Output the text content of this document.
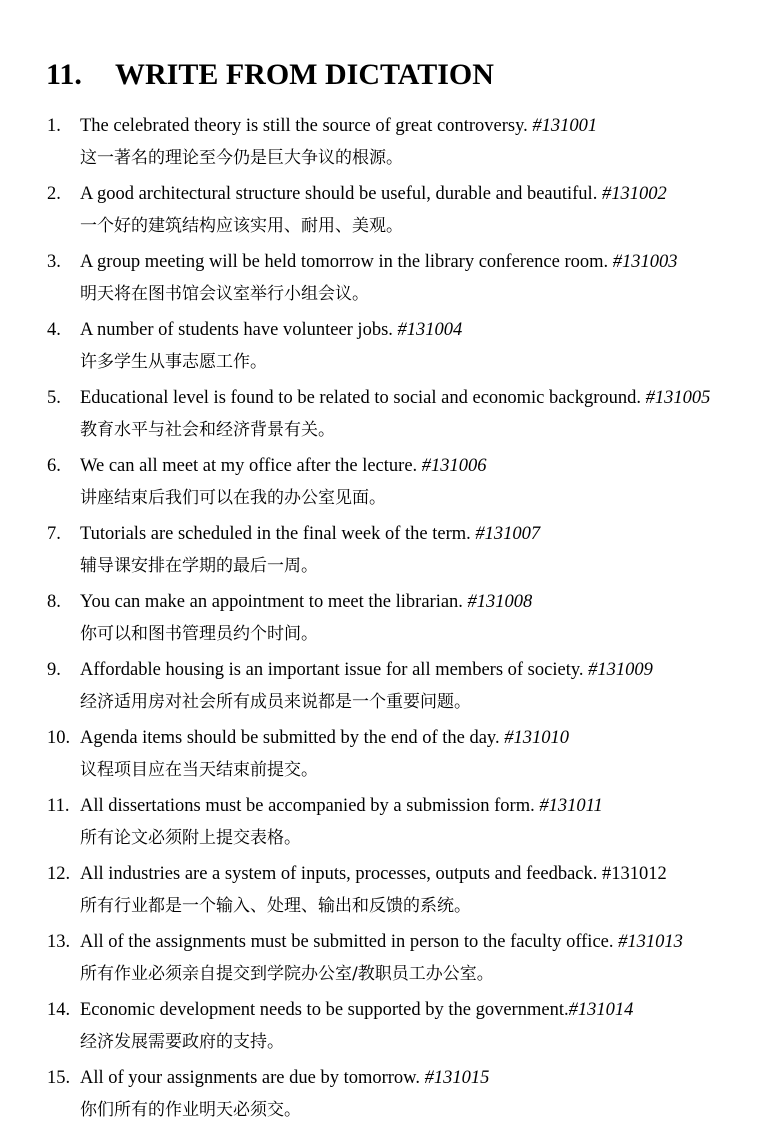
11. WRITE FROM DICTATION
1.	The celebrated theory is still the source of great controversy. #131001
这一著名的理论至今仍是巨大争议的根源。
2.	A good architectural structure should be useful, durable and beautiful. #131002
一个好的建筑结构应该实用、耐用、美观。
3.	A group meeting will be held tomorrow in the library conference room. #131003
明天将在图书馆会议室举行小组会议。
4.	A number of students have volunteer jobs. #131004
许多学生从事志愿工作。
5.	Educational level is found to be related to social and economic background. #131005
教育水平与社会和经济背景有关。
6.	We can all meet at my office after the lecture. #131006
讲座结束后我们可以在我的办公室见面。
7.	Tutorials are scheduled in the final week of the term. #131007
辅导课安排在学期的最后一周。
8.	You can make an appointment to meet the librarian. #131008
你可以和图书管理员约个时间。
9.	Affordable housing is an important issue for all members of society. #131009
经济适用房对社会所有成员来说都是一个重要问题。
10. Agenda items should be submitted by the end of the day. #131010
议程项目应在当天结束前提交。
11. All dissertations must be accompanied by a submission form. #131011
所有论文必须附上提交表格。
12. All industries are a system of inputs, processes, outputs and feedback. #131012
所有行业都是一个输入、处理、输出和反馈的系统。
13. All of the assignments must be submitted in person to the faculty office. #131013
所有作业必须亲自提交到学院办公室/教职员工办公室。
14. Economic development needs to be supported by the government.#131014
经济发展需要政府的支持。
15. All of your assignments are due by tomorrow. #131015
你们所有的作业明天必须交。
